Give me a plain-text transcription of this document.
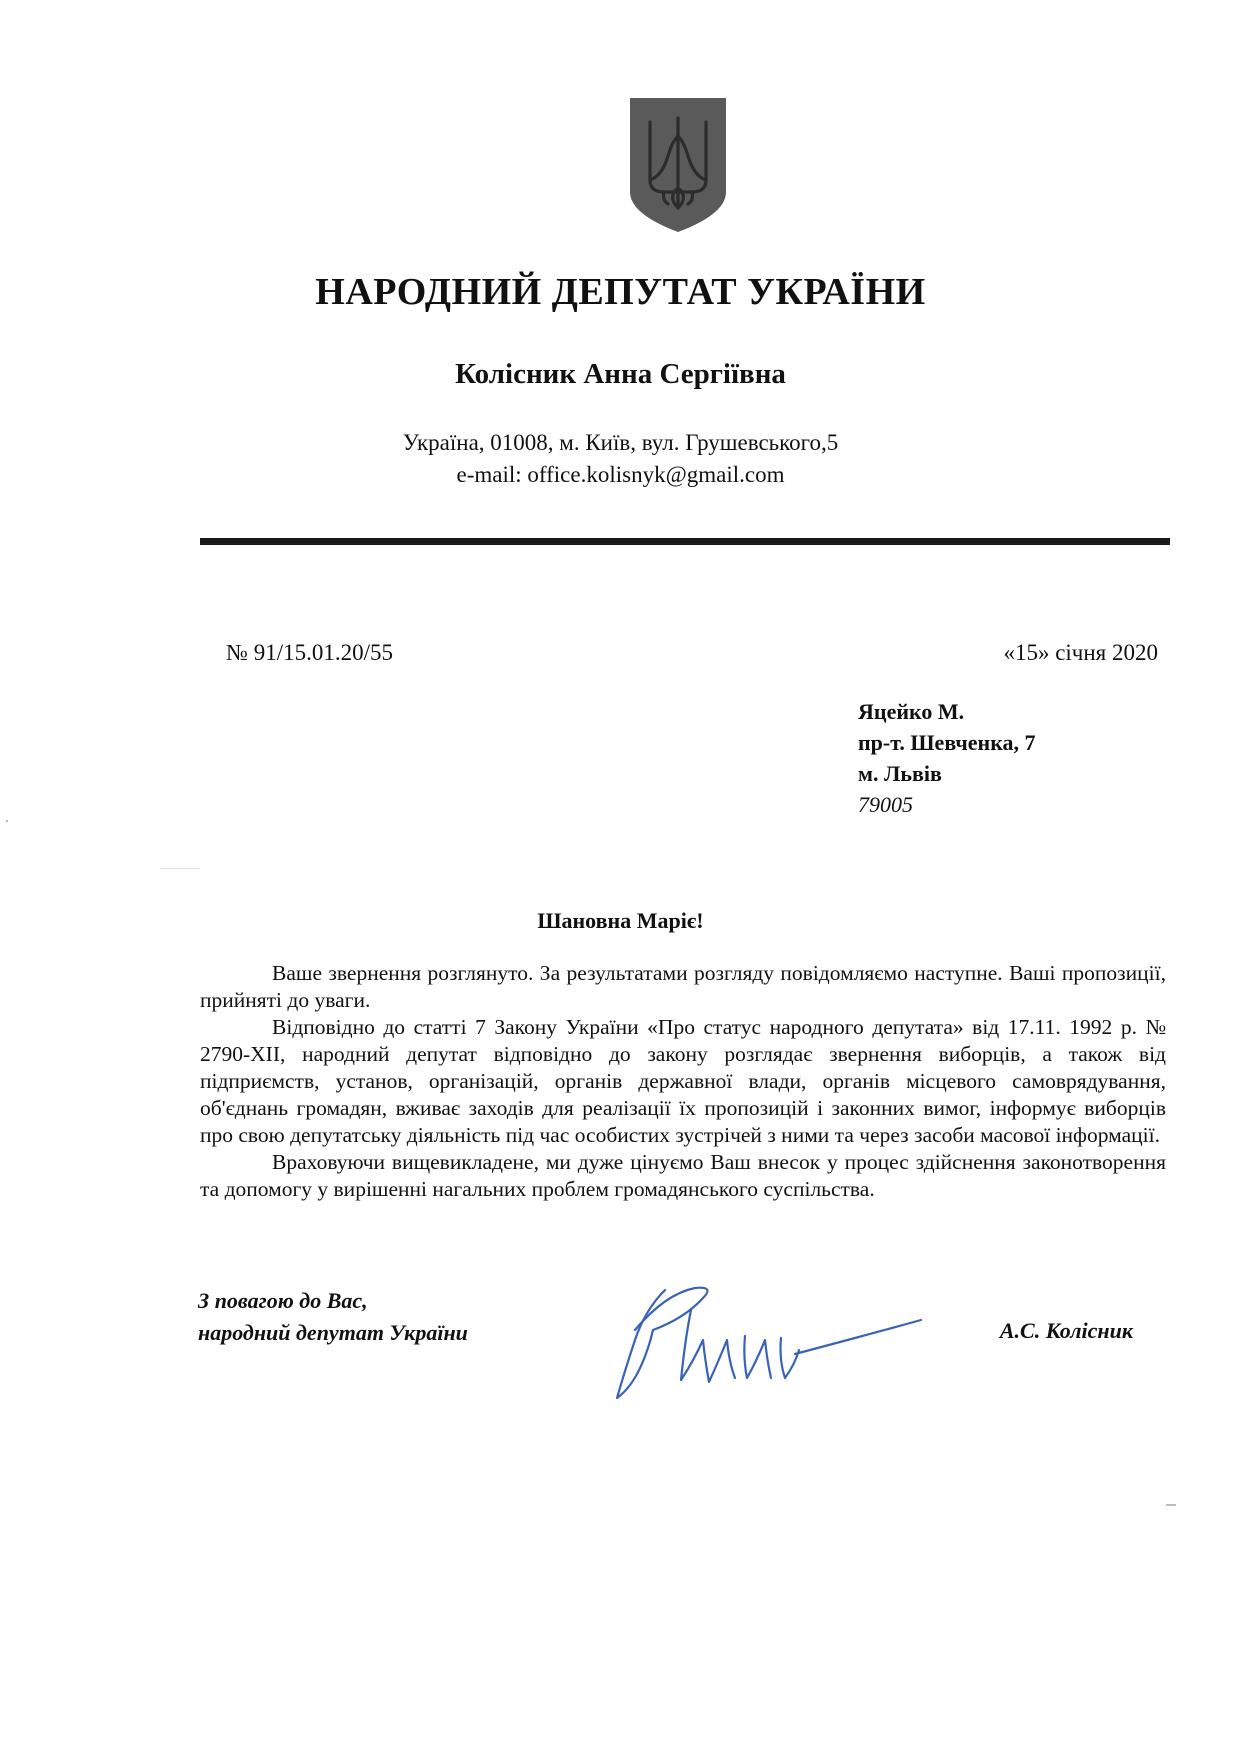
НАРОДНИЙ ДЕПУТАТ УКРАЇНИ
Колісник Анна Сергіївна
Україна, 01008, м. Київ, вул. Грушевського,5
e-mail: office.kolisnyk@gmail.com
№ 91/15.01.20/55	«15» січня 2020
Яцейко М.
пр-т. Шевченка, 7
м. Львів
79005
Шановна Маріє!

Ваше звернення розглянуто. За результатами розгляду повідомляємо наступне. Ваші пропозиції, прийняті до уваги.

Відповідно до статті 7 Закону України «Про статус народного депутата» від 17.11. 1992 р. № 2790-XII, народний депутат відповідно до закону розглядає звернення виборців, а також від підприємств, установ, організацій, органів державної влади, органів місцевого самоврядування, об'єднань громадян, вживає заходів для реалізації їх пропозицій і законних вимог, інформує виборців про свою депутатську діяльність під час особистих зустрічей з ними та через засоби масової інформації.

Враховуючи вищевикладене, ми дуже цінуємо Ваш внесок у процес здійснення законотворення та допомогу у вирішенні нагальних проблем громадянського суспільства.

З повагою до Вас,
народний депутат України	А.С. Колісник
